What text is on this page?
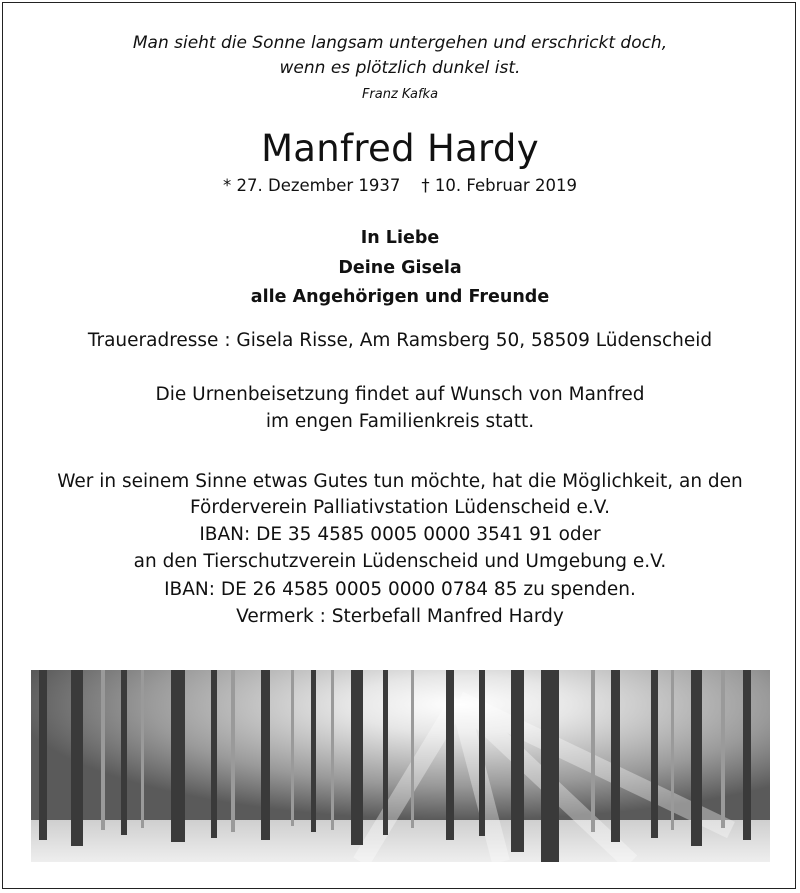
Man sieht die Sonne langsam untergehen und erschrickt doch,
wenn es plötzlich dunkel ist.
Franz Kafka
Manfred Hardy
* 27. Dezember 1937    † 10. Februar 2019
In Liebe
Deine Gisela
alle Angehörigen und Freunde
Traueradresse : Gisela Risse, Am Ramsberg 50, 58509 Lüdenscheid
Die Urnenbeisetzung findet auf Wunsch von Manfred
im engen Familienkreis statt.
Wer in seinem Sinne etwas Gutes tun möchte, hat die Möglichkeit, an den
Förderverein Palliativstation Lüdenscheid e.V.
IBAN: DE 35 4585 0005 0000 3541 91 oder
an den Tierschutzverein Lüdenscheid und Umgebung e.V.
IBAN: DE 26 4585 0005 0000 0784 85 zu spenden.
Vermerk : Sterbefall Manfred Hardy
